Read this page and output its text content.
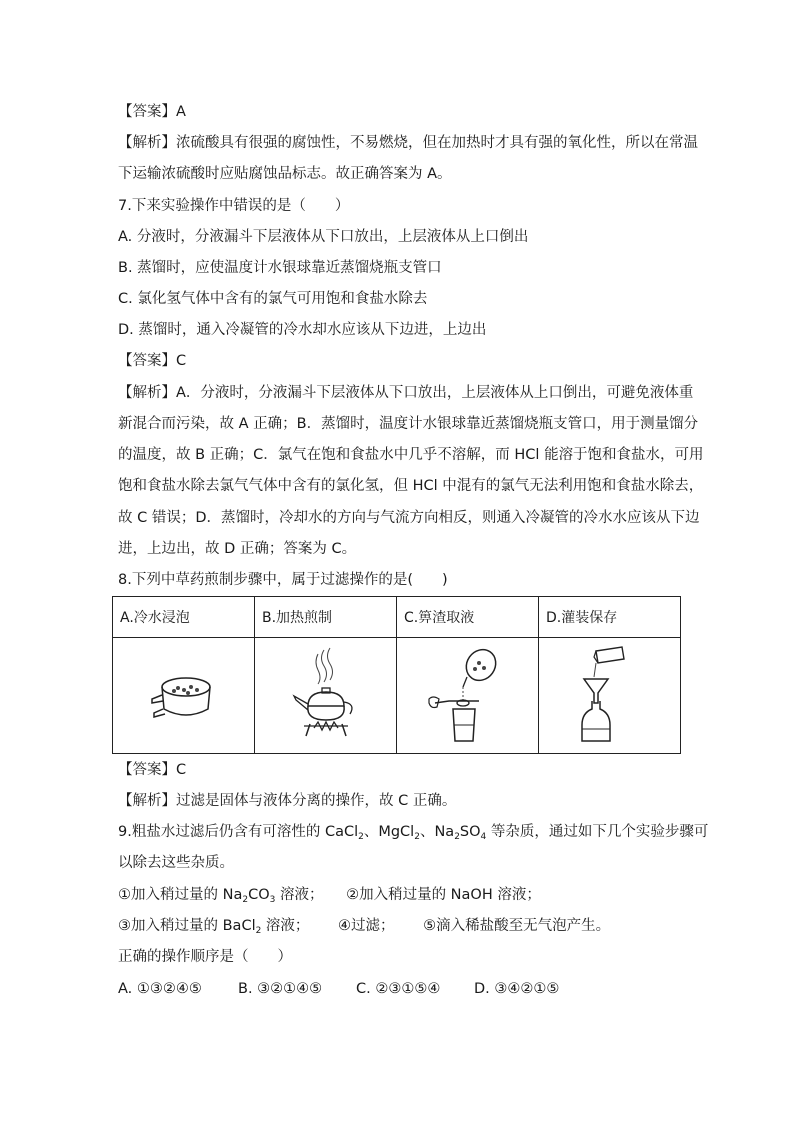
【答案】A
【解析】浓硫酸具有很强的腐蚀性，不易燃烧，但在加热时才具有强的氧化性，所以在常温
下运输浓硫酸时应贴腐蚀品标志。故正确答案为 A。
7.下来实验操作中错误的是（　　）
A. 分液时，分液漏斗下层液体从下口放出，上层液体从上口倒出
B. 蒸馏时，应使温度计水银球靠近蒸馏烧瓶支管口
C. 氯化氢气体中含有的氯气可用饱和食盐水除去
D. 蒸馏时，通入冷凝管的冷水却水应该从下边进，上边出
【答案】C
【解析】A．分液时，分液漏斗下层液体从下口放出，上层液体从上口倒出，可避免液体重
新混合而污染，故 A 正确；B．蒸馏时，温度计水银球靠近蒸馏烧瓶支管口，用于测量馏分
的温度，故 B 正确；C．氯气在饱和食盐水中几乎不溶解，而 HCl 能溶于饱和食盐水，可用
饱和食盐水除去氯气气体中含有的氯化氢，但 HCl 中混有的氯气无法利用饱和食盐水除去，
故 C 错误；D．蒸馏时，冷却水的方向与气流方向相反，则通入冷凝管的冷水水应该从下边
进，上边出，故 D 正确；答案为 C。
8.下列中草药煎制步骤中，属于过滤操作的是(　　)
A.冷水浸泡	B.加热煎制	C.箅渣取液	D.灌装保存

【答案】C
【解析】过滤是固体与液体分离的操作，故 C 正确。
9.粗盐水过滤后仍含有可溶性的 CaCl$_2$、MgCl$_2$、$Na_2SO_4$ 等杂质，通过如下几个实验步骤可
以除去这些杂质。
①加入稍过量的 $Na_2CO_3$ 溶液； ②加入稍过量的 NaOH 溶液；
③加入稍过量的 BaCl$_2$ 溶液； ④过滤； ⑤滴入稀盐酸至无气泡产生。
正确的操作顺序是（　　）
A. ①③②④⑤ B. ③②①④⑤ C. ②③①⑤④ D. ③④②①⑤
